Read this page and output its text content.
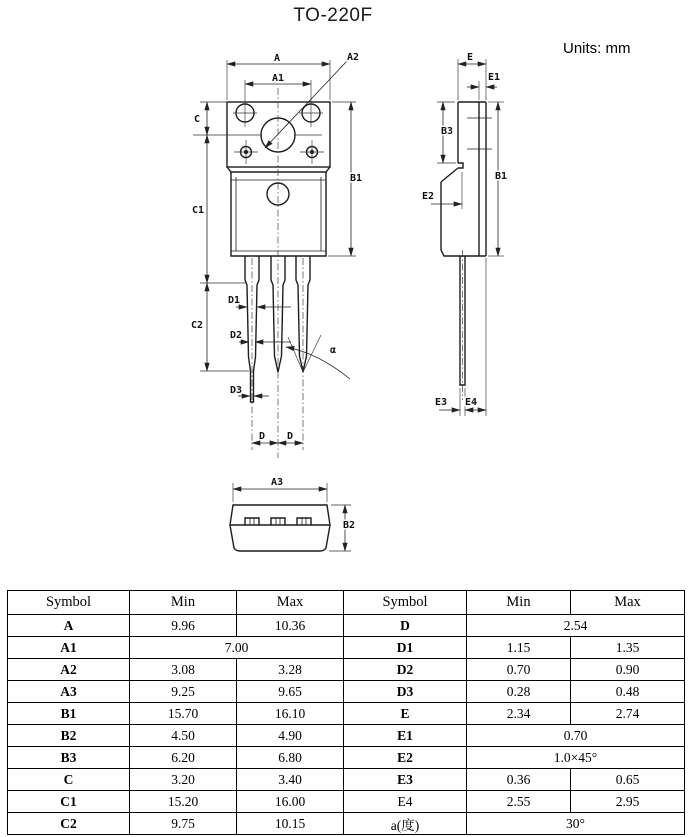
TO-220F
Units: mm
A
A1
A2
C
C1
C2
B1
D1
D2
D3
D D
α
E
E1
B3
B1
E2
E3 E4
A3
B2
Symbol	Min	Max	Symbol	Min	Max
A	9.96	10.36	D	2.54	
A1	7.00		D1	1.15	1.35
A2	3.08	3.28	D2	0.70	0.90
A3	9.25	9.65	D3	0.28	0.48
B1	15.70	16.10	E	2.34	2.74
B2	4.50	4.90	E1	0.70	
B3	6.20	6.80	E2	1.0×45°	
C	3.20	3.40	E3	0.36	0.65
C1	15.20	16.00	E4	2.55	2.95
C2	9.75	10.15	a(度)	30°	
